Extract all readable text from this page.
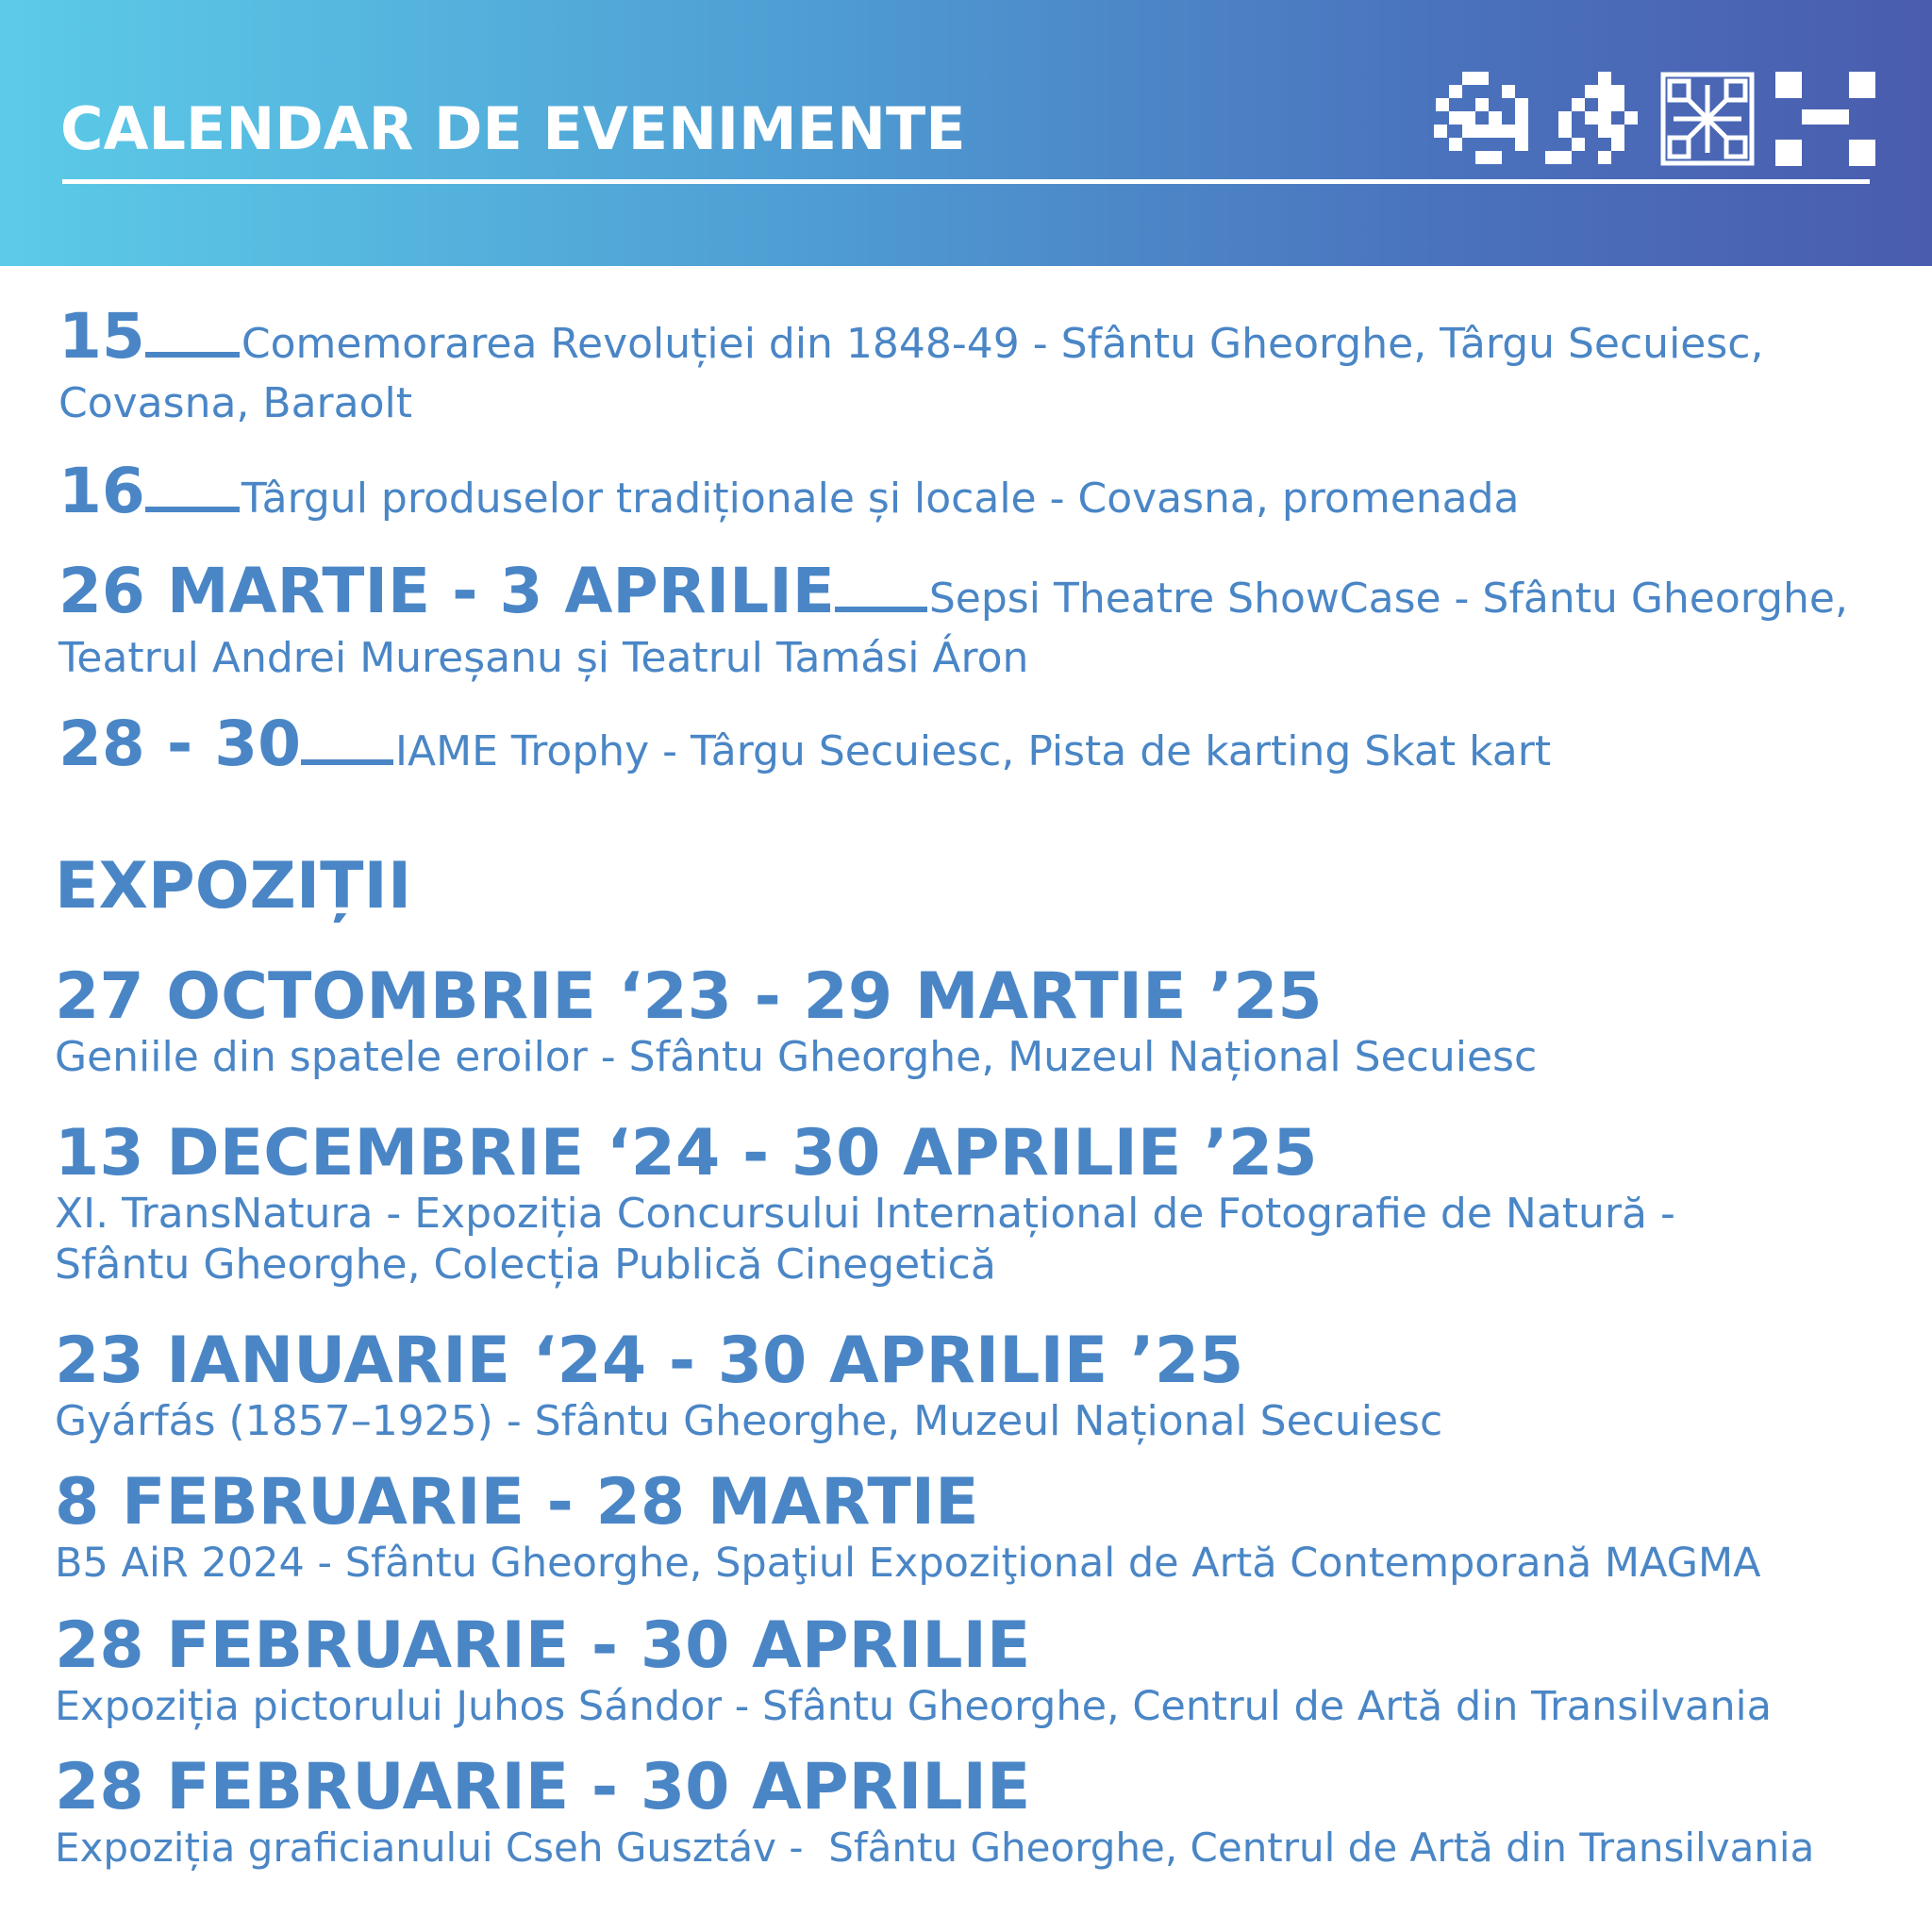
CALENDAR DE EVENIMENTE
15 Comemorarea Revoluției din 1848-49 - Sfântu Gheorghe, Târgu Secuiesc, Covasna, Baraolt
16 Târgul produselor tradiționale și locale - Covasna, promenada
26 MARTIE - 3 APRILIE Sepsi Theatre ShowCase - Sfântu Gheorghe, Teatrul Andrei Mureșanu și Teatrul Tamási Áron
28 - 30 IAME Trophy - Târgu Secuiesc, Pista de karting Skat kart
EXPOZIȚII
27 OCTOMBRIE ‘23 - 29 MARTIE ’25
Geniile din spatele eroilor - Sfântu Gheorghe, Muzeul Național Secuiesc
13 DECEMBRIE ‘24 - 30 APRILIE ’25
XI. TransNatura - Expoziția Concursului Internațional de Fotografie de Natură - Sfântu Gheorghe, Colecția Publică Cinegetică
23 IANUARIE ‘24 - 30 APRILIE ’25
Gyárfás (1857–1925) - Sfântu Gheorghe, Muzeul Național Secuiesc
8 FEBRUARIE - 28 MARTIE
B5 AiR 2024 - Sfântu Gheorghe, Spaţiul Expoziţional de Artă Contemporană MAGMA
28 FEBRUARIE - 30 APRILIE
Expoziția pictorului Juhos Sándor - Sfântu Gheorghe, Centrul de Artă din Transilvania
28 FEBRUARIE - 30 APRILIE
Expoziția graficianului Cseh Gusztáv -  Sfântu Gheorghe, Centrul de Artă din Transilvania
